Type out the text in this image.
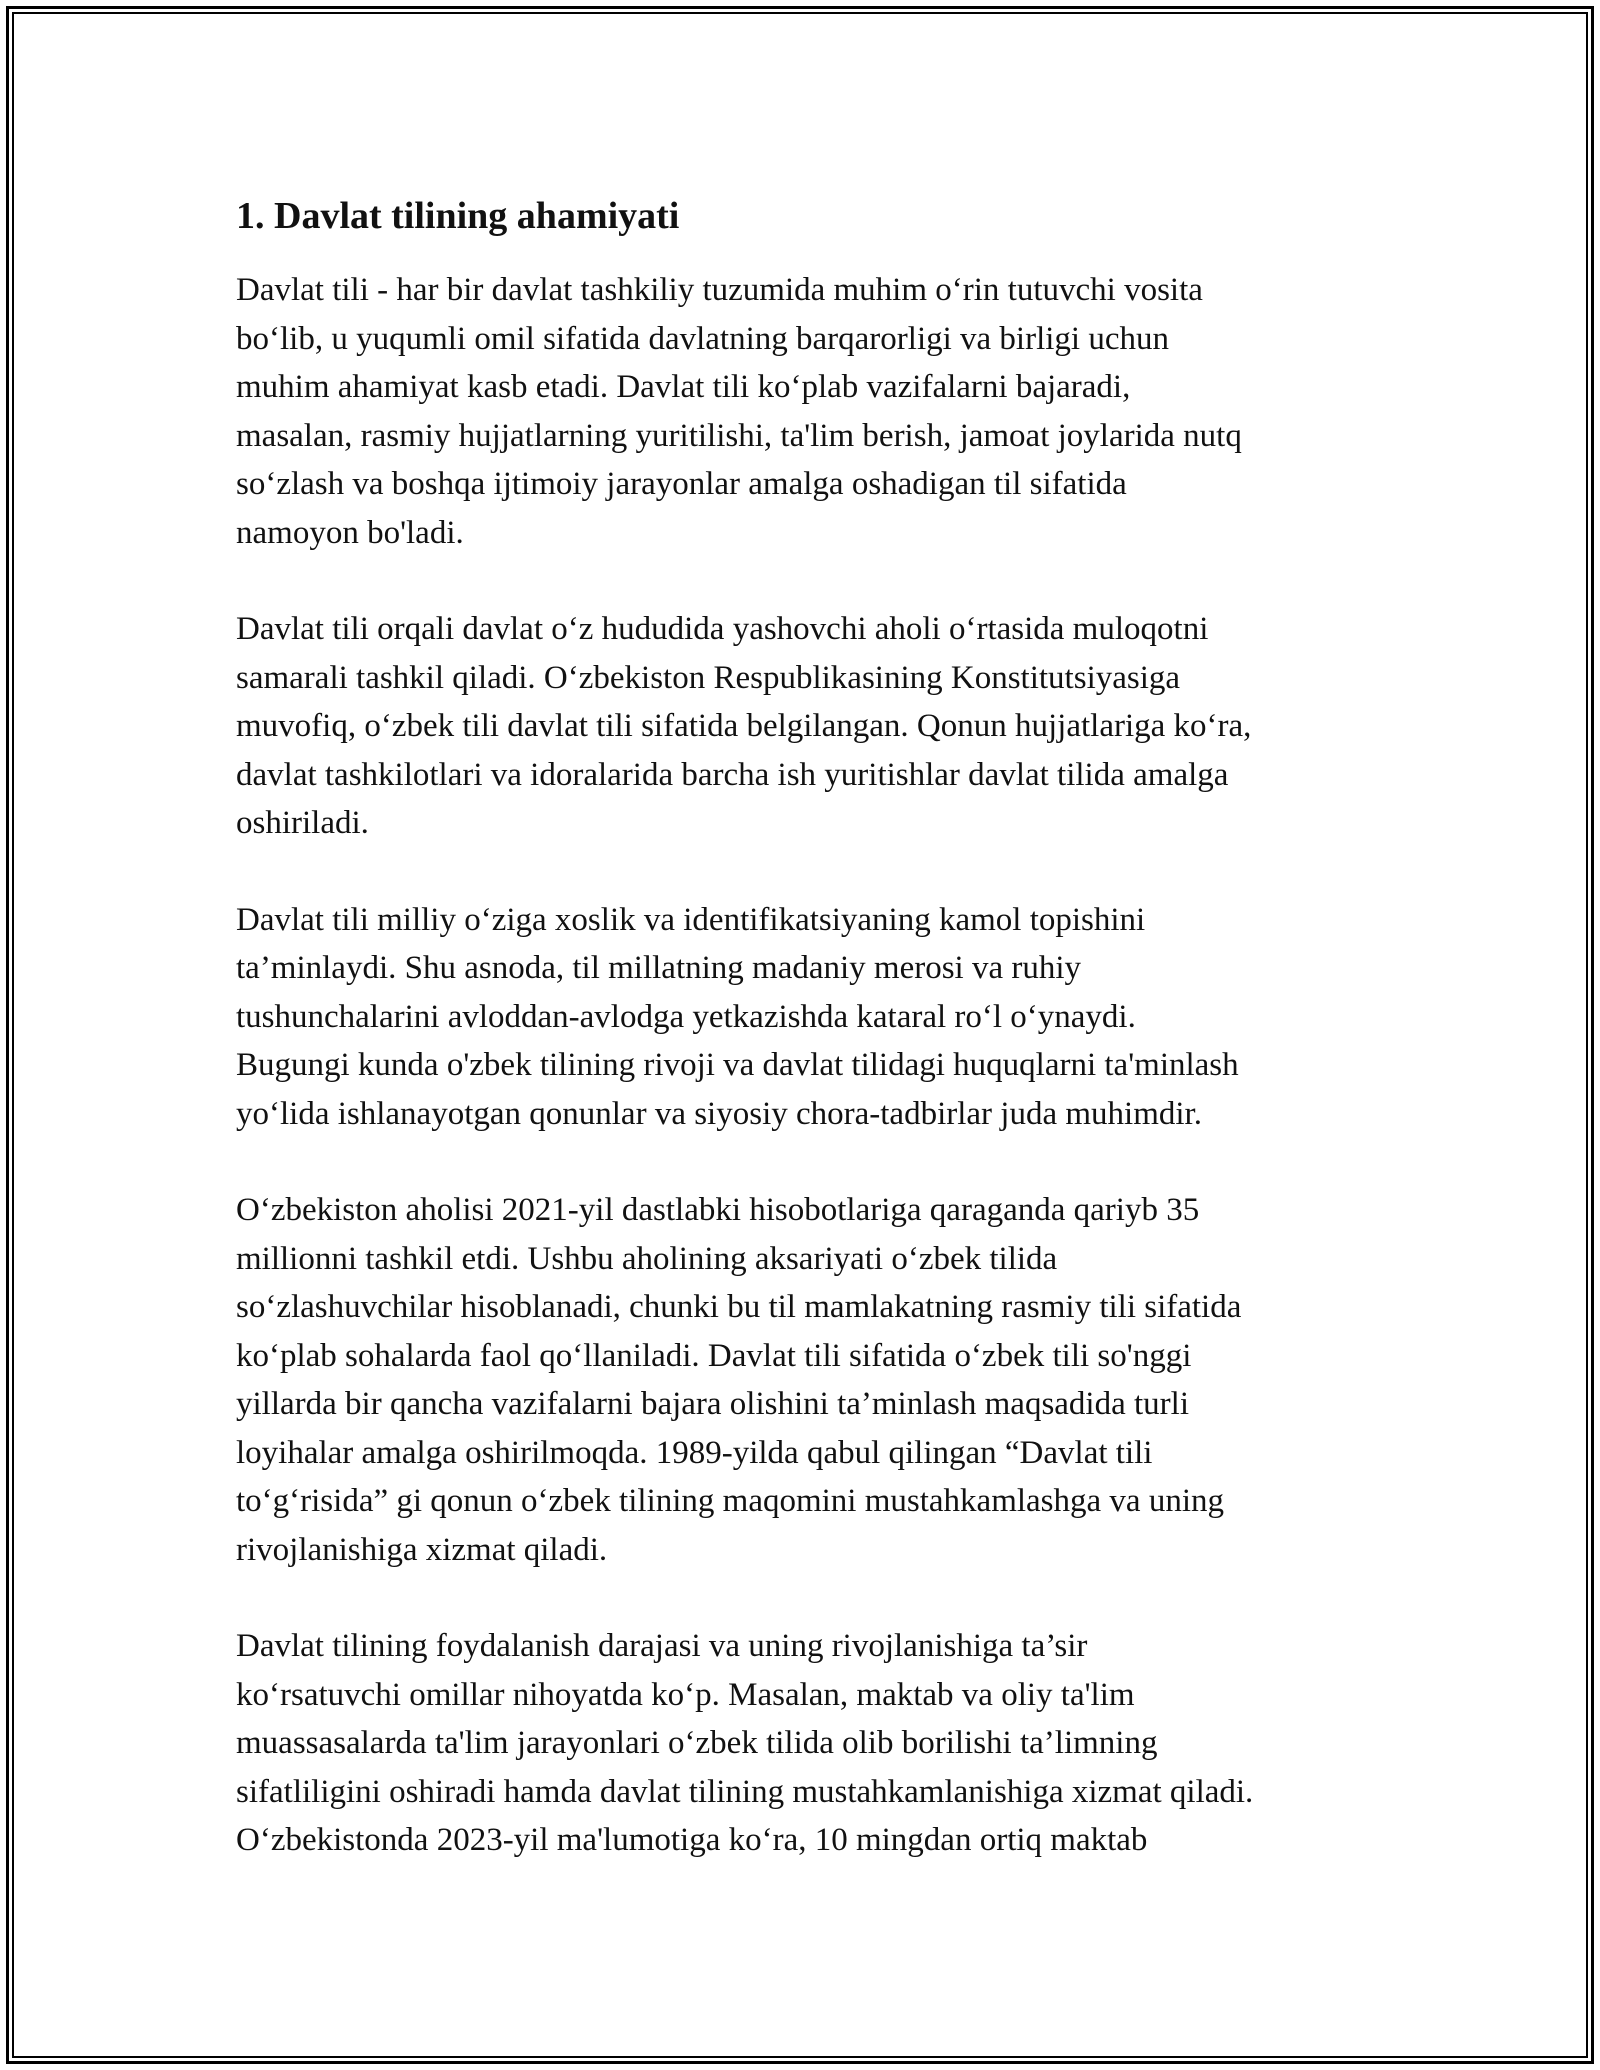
1. Davlat tilining ahamiyati

Davlat tili - har bir davlat tashkiliy tuzumida muhim oʻrin tutuvchi vosita
boʻlib, u yuqumli omil sifatida davlatning barqarorligi va birligi uchun
muhim ahamiyat kasb etadi. Davlat tili koʻplab vazifalarni bajaradi,
masalan, rasmiy hujjatlarning yuritilishi, ta'lim berish, jamoat joylarida nutq
soʻzlash va boshqa ijtimoiy jarayonlar amalga oshadigan til sifatida
namoyon bo'ladi.

Davlat tili orqali davlat oʻz hududida yashovchi aholi oʻrtasida muloqotni
samarali tashkil qiladi. Oʻzbekiston Respublikasining Konstitutsiyasiga
muvofiq, oʻzbek tili davlat tili sifatida belgilangan. Qonun hujjatlariga koʻra,
davlat tashkilotlari va idoralarida barcha ish yuritishlar davlat tilida amalga
oshiriladi.

Davlat tili milliy oʻziga xoslik va identifikatsiyaning kamol topishini
ta’minlaydi. Shu asnoda, til millatning madaniy merosi va ruhiy
tushunchalarini avloddan-avlodga yetkazishda kataral roʻl oʻynaydi.
Bugungi kunda o'zbek tilining rivoji va davlat tilidagi huquqlarni ta'minlash
yoʻlida ishlanayotgan qonunlar va siyosiy chora-tadbirlar juda muhimdir.

Oʻzbekiston aholisi 2021-yil dastlabki hisobotlariga qaraganda qariyb 35
millionni tashkil etdi. Ushbu aholining aksariyati oʻzbek tilida
soʻzlashuvchilar hisoblanadi, chunki bu til mamlakatning rasmiy tili sifatida
koʻplab sohalarda faol qoʻllaniladi. Davlat tili sifatida oʻzbek tili so'nggi
yillarda bir qancha vazifalarni bajara olishini ta’minlash maqsadida turli
loyihalar amalga oshirilmoqda. 1989-yilda qabul qilingan “Davlat tili
toʻgʻrisida” gi qonun oʻzbek tilining maqomini mustahkamlashga va uning
rivojlanishiga xizmat qiladi.

Davlat tilining foydalanish darajasi va uning rivojlanishiga ta’sir
koʻrsatuvchi omillar nihoyatda koʻp. Masalan, maktab va oliy ta'lim
muassasalarda ta'lim jarayonlari oʻzbek tilida olib borilishi ta’limning
sifatliligini oshiradi hamda davlat tilining mustahkamlanishiga xizmat qiladi.
Oʻzbekistonda 2023-yil ma'lumotiga koʻra, 10 mingdan ortiq maktab
